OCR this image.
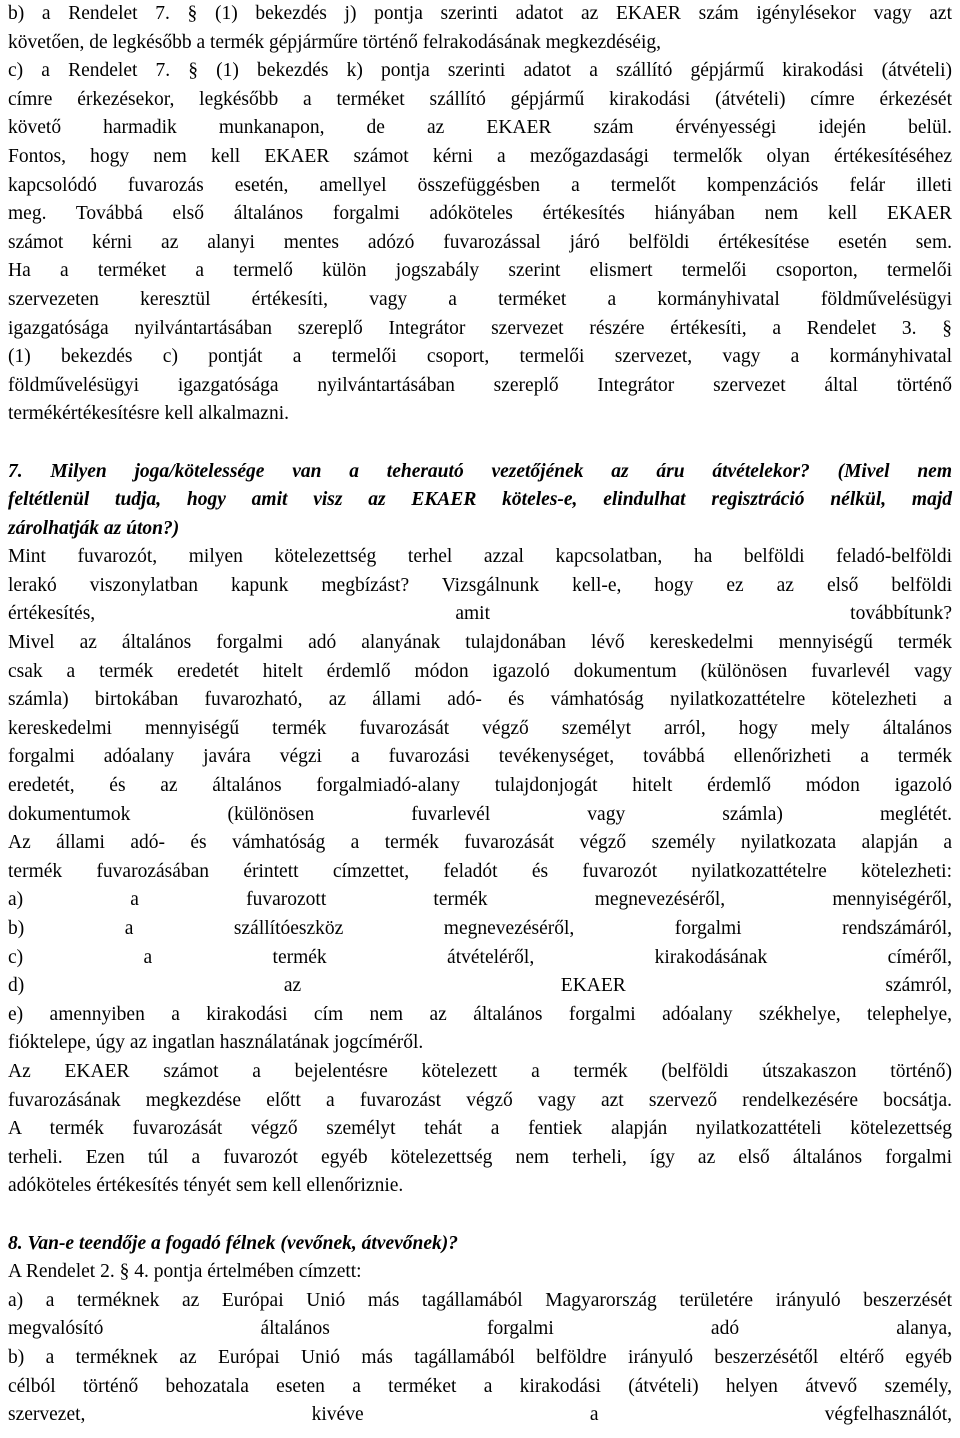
b) a Rendelet 7. § (1) bekezdés j) pontja szerinti adatot az EKAER szám igénylésekor vagy azt
követően, de legkésőbb a termék gépjárműre történő felrakodásának megkezdéséig,
c) a Rendelet 7. § (1) bekezdés k) pontja szerinti adatot a szállító gépjármű kirakodási (átvételi)
címre érkezésekor, legkésőbb a terméket szállító gépjármű kirakodási (átvételi) címre érkezését
követő harmadik munkanapon, de az EKAER szám érvényességi idején belül.
Fontos, hogy nem kell EKAER számot kérni a mezőgazdasági termelők olyan értékesítéséhez
kapcsolódó fuvarozás esetén, amellyel összefüggésben a termelőt kompenzációs felár illeti
meg. Továbbá első általános forgalmi adóköteles értékesítés hiányában nem kell EKAER
számot kérni az alanyi mentes adózó fuvarozással járó belföldi értékesítése esetén sem.
Ha a terméket a termelő külön jogszabály szerint elismert termelői csoporton, termelői
szervezeten keresztül értékesíti, vagy a terméket a kormányhivatal földművelésügyi
igazgatósága nyilvántartásában szereplő Integrátor szervezet részére értékesíti, a Rendelet 3. §
(1) bekezdés c) pontját a termelői csoport, termelői szervezet, vagy a kormányhivatal
földművelésügyi igazgatósága nyilvántartásában szereplő Integrátor szervezet által történő
termékértékesítésre kell alkalmazni.
7. Milyen joga/kötelessége van a teherautó vezetőjének az áru átvételekor? (Mivel nem
feltétlenül tudja, hogy amit visz az EKAER köteles-e, elindulhat regisztráció nélkül, majd
zárolhatják az úton?)
Mint fuvarozót, milyen kötelezettség terhel azzal kapcsolatban, ha belföldi feladó-belföldi
lerakó viszonylatban kapunk megbízást? Vizsgálnunk kell-e, hogy ez az első belföldi
értékesítés, amit továbbítunk?
Mivel az általános forgalmi adó alanyának tulajdonában lévő kereskedelmi mennyiségű termék
csak a termék eredetét hitelt érdemlő módon igazoló dokumentum (különösen fuvarlevél vagy
számla) birtokában fuvarozható, az állami adó- és vámhatóság nyilatkozattételre kötelezheti a
kereskedelmi mennyiségű termék fuvarozását végző személyt arról, hogy mely általános
forgalmi adóalany javára végzi a fuvarozási tevékenységet, továbbá ellenőrizheti a termék
eredetét, és az általános forgalmiadó-alany tulajdonjogát hitelt érdemlő módon igazoló
dokumentumok (különösen fuvarlevél vagy számla) meglétét.
Az állami adó- és vámhatóság a termék fuvarozását végző személy nyilatkozata alapján a
termék fuvarozásában érintett címzettet, feladót és fuvarozót nyilatkozattételre kötelezheti:
a) a fuvarozott termék megnevezéséről, mennyiségéről,
b) a szállítóeszköz megnevezéséről, forgalmi rendszámáról,
c) a termék átvételéről, kirakodásának címéről,
d) az EKAER számról,
e) amennyiben a kirakodási cím nem az általános forgalmi adóalany székhelye, telephelye,
fióktelepe, úgy az ingatlan használatának jogcíméről.
Az EKAER számot a bejelentésre kötelezett a termék (belföldi útszakaszon történő)
fuvarozásának megkezdése előtt a fuvarozást végző vagy azt szervező rendelkezésére bocsátja.
A termék fuvarozását végző személyt tehát a fentiek alapján nyilatkozattételi kötelezettség
terheli. Ezen túl a fuvarozót egyéb kötelezettség nem terheli, így az első általános forgalmi
adóköteles értékesítés tényét sem kell ellenőriznie.
8. Van-e teendője a fogadó félnek (vevőnek, átvevőnek)?
A Rendelet 2. § 4. pontja értelmében címzett:
a) a terméknek az Európai Unió más tagállamából Magyarország területére irányuló beszerzését
megvalósító általános forgalmi adó alanya,
b) a terméknek az Európai Unió más tagállamából belföldre irányuló beszerzésétől eltérő egyéb
célból történő behozatala eseten a terméket a kirakodási (átvételi) helyen átvevő személy,
szervezet, kivéve a végfelhasználót,
